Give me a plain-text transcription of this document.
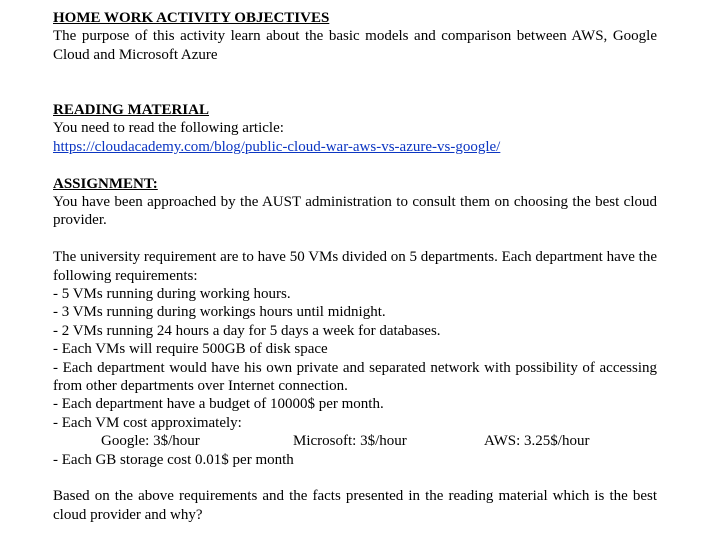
HOME WORK ACTIVITY OBJECTIVES
The purpose of this activity learn about the basic models and comparison between AWS, Google Cloud and Microsoft Azure
READING MATERIAL
You need to read the following article:
https://cloudacademy.com/blog/public-cloud-war-aws-vs-azure-vs-google/
ASSIGNMENT:
You have been approached by the AUST administration to consult them on choosing the best cloud provider.
The university requirement are to have 50 VMs divided on 5 departments. Each department have the following requirements:
- 5 VMs running during working hours.
- 3 VMs running during workings hours until midnight.
- 2 VMs running 24 hours a day for 5 days a week for databases.
- Each VMs will require 500GB of disk space
- Each department would have his own private and separated network with possibility of accessing from other departments over Internet connection.
- Each department have a budget of 10000$ per month.
- Each VM cost approximately:
Google: 3$/hour	Microsoft: 3$/hour	AWS: 3.25$/hour
- Each GB storage cost 0.01$ per month
Based on the above requirements and the facts presented in the reading material which is the best cloud provider and why?
